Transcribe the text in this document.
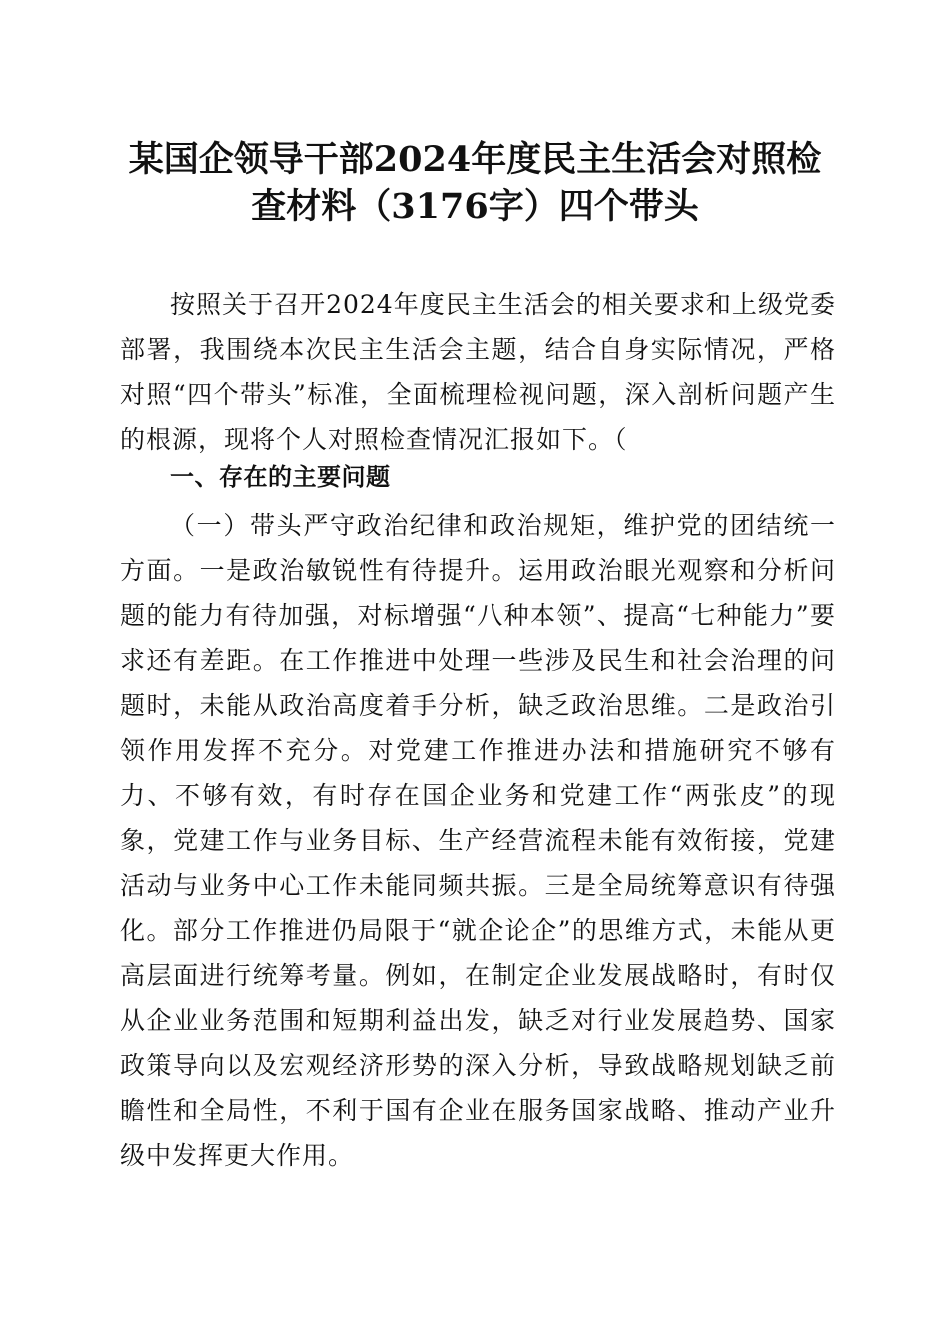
某国企领导干部2024年度民主生活会对照检
查材料（3176字）四个带头

按照关于召开2024年度民主生活会的相关要求和上级党委部署，我围绕本次民主生活会主题，结合自身实际情况，严格对照“四个带头”标准，全面梳理检视问题，深入剖析问题产生的根源，现将个人对照检查情况汇报如下。（

一、存在的主要问题

（一）带头严守政治纪律和政治规矩，维护党的团结统一方面。一是政治敏锐性有待提升。运用政治眼光观察和分析问题的能力有待加强，对标增强“八种本领”、提高“七种能力”要求还有差距。在工作推进中处理一些涉及民生和社会治理的问题时，未能从政治高度着手分析，缺乏政治思维。二是政治引领作用发挥不充分。对党建工作推进办法和措施研究不够有力、不够有效，有时存在国企业务和党建工作“两张皮”的现象，党建工作与业务目标、生产经营流程未能有效衔接，党建活动与业务中心工作未能同频共振。三是全局统筹意识有待强化。部分工作推进仍局限于“就企论企”的思维方式，未能从更高层面进行统筹考量。例如，在制定企业发展战略时，有时仅从企业业务范围和短期利益出发，缺乏对行业发展趋势、国家政策导向以及宏观经济形势的深入分析，导致战略规划缺乏前瞻性和全局性，不利于国有企业在服务国家战略、推动产业升级中发挥更大作用。
